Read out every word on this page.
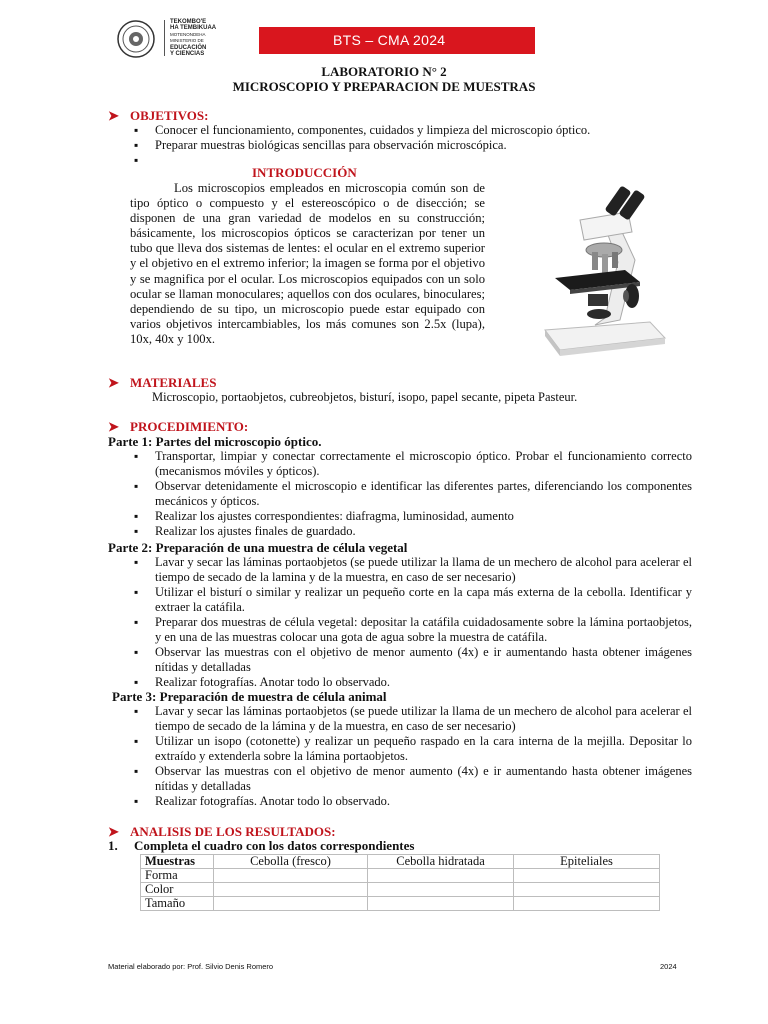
TEKOMBO'E
HA TEMBIKUAA
MOTENONDEHA
MINISTERIO DE
EDUCACIÓN
Y CIENCIAS
BTS – CMA 2024
LABORATORIO N° 2
MICROSCOPIO Y PREPARACION DE MUESTRAS
➤ OBJETIVOS:
▪ Conocer el funcionamiento, componentes, cuidados y limpieza del microscopio óptico.
▪ Preparar muestras biológicas sencillas para observación microscópica.
▪
INTRODUCCIÓN
Los microscopios empleados en microscopia común son de tipo óptico o compuesto y el estereoscópico o de disección; se disponen de una gran variedad de modelos en su construcción; básicamente, los microscopios ópticos se caracterizan por tener un tubo que lleva dos sistemas de lentes: el ocular en el extremo superior y el objetivo en el extremo inferior; la imagen se forma por el objetivo y se magnifica por el ocular. Los microscopios equipados con un solo ocular se llaman monoculares; aquellos con dos oculares, binoculares; dependiendo de su tipo, un microscopio puede estar equipado con varios objetivos intercambiables, los más comunes son 2.5x (lupa), 10x, 40x y 100x.
➤ MATERIALES
Microscopio, portaobjetos, cubreobjetos, bisturí, isopo, papel secante, pipeta Pasteur.
➤ PROCEDIMIENTO:
Parte 1: Partes del microscopio óptico.
▪ Transportar, limpiar y conectar correctamente el microscopio óptico. Probar el funcionamiento correcto (mecanismos móviles y ópticos).
▪ Observar detenidamente el microscopio e identificar las diferentes partes, diferenciando los componentes mecánicos y ópticos.
▪ Realizar los ajustes correspondientes: diafragma, luminosidad, aumento
▪ Realizar los ajustes finales de guardado.
Parte 2: Preparación de una muestra de célula vegetal
▪ Lavar y secar las láminas portaobjetos (se puede utilizar la llama de un mechero de alcohol para acelerar el tiempo de secado de la lamina y de la muestra, en caso de ser necesario)
▪ Utilizar el bisturí o similar y realizar un pequeño corte en la capa más externa de la cebolla. Identificar y extraer la catáfila.
▪ Preparar dos muestras de célula vegetal: depositar la catáfila cuidadosamente sobre la lámina portaobjetos, y en una de las muestras colocar una gota de agua sobre la muestra de catáfila.
▪ Observar las muestras con el objetivo de menor aumento (4x) e ir aumentando hasta obtener imágenes nítidas y detalladas
▪ Realizar fotografías. Anotar todo lo observado.
Parte 3: Preparación de muestra de célula animal
▪ Lavar y secar las láminas portaobjetos (se puede utilizar la llama de un mechero de alcohol para acelerar el tiempo de secado de la lámina y de la muestra, en caso de ser necesario)
▪ Utilizar un isopo (cotonette) y realizar un pequeño raspado en la cara interna de la mejilla. Depositar lo extraído y extenderla sobre la lámina portaobjetos.
▪ Observar las muestras con el objetivo de menor aumento (4x) e ir aumentando hasta obtener imágenes nítidas y detalladas
▪ Realizar fotografías. Anotar todo lo observado.
➤ ANALISIS DE LOS RESULTADOS:
1. Completa el cuadro con los datos correspondientes
Muestras	Cebolla (fresco)	Cebolla hidratada	Epiteliales
Forma			
Color			
Tamaño			
Material elaborado por: Prof. Silvio Denis Romero	2024
